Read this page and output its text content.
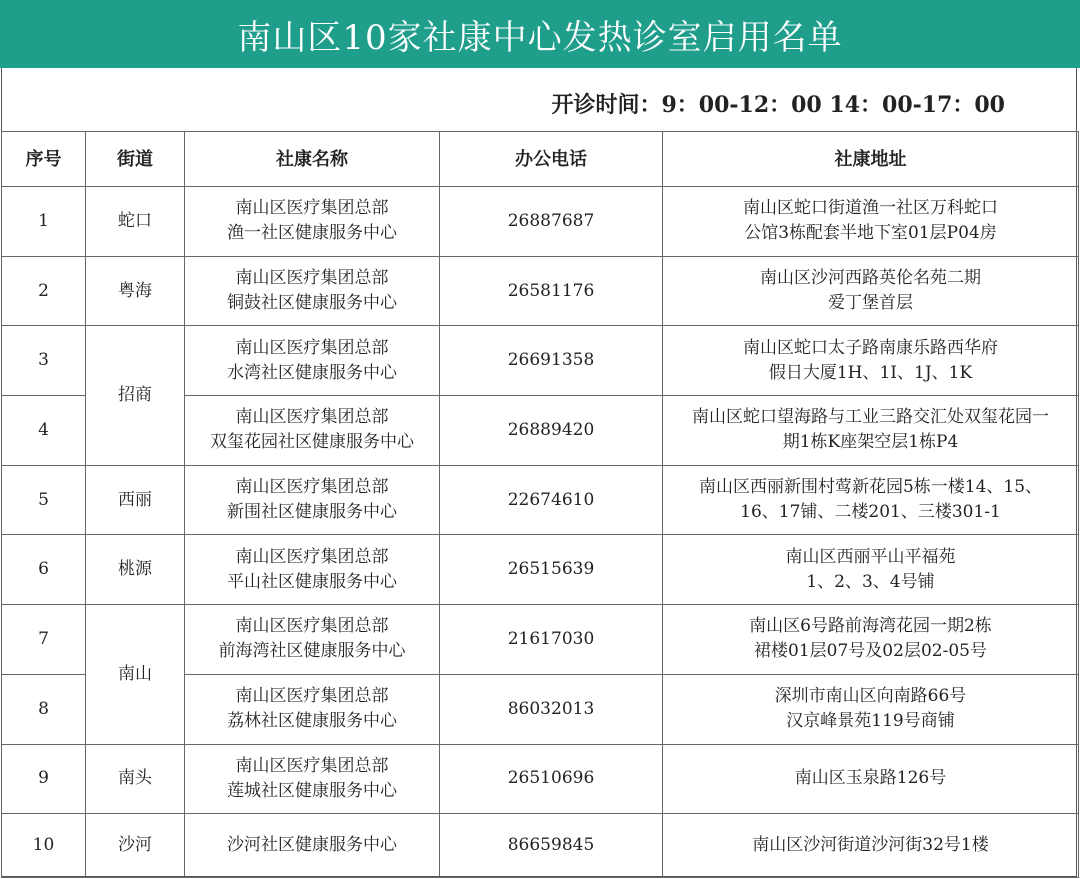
南山区10家社康中心发热诊室启用名单
开诊时间：9：00-12：00 14：00-17：00
序号	街道	社康名称	办公电话	社康地址
1	蛇口	南山区医疗集团总部
渔一社区健康服务中心	26887687	南山区蛇口街道渔一社区万科蛇口
公馆3栋配套半地下室01层P04房

2	粤海	南山区医疗集团总部
铜鼓社区健康服务中心	26581176	南山区沙河西路英伦名苑二期
爱丁堡首层

3	招商	南山区医疗集团总部
水湾社区健康服务中心	26691358	南山区蛇口太子路南康乐路西华府
假日大厦1H、1I、1J、1K

4		南山区医疗集团总部
双玺花园社区健康服务中心	26889420	南山区蛇口望海路与工业三路交汇处双玺花园一
期1栋K座架空层1栋P4

5	西丽	南山区医疗集团总部
新围社区健康服务中心	22674610	南山区西丽新围村莺新花园5栋一楼14、15、
16、17铺、二楼201、三楼301-1

6	桃源	南山区医疗集团总部
平山社区健康服务中心	26515639	南山区西丽平山平福苑
1、2、3、4号铺

7	南山	南山区医疗集团总部
前海湾社区健康服务中心	21617030	南山区6号路前海湾花园一期2栋
裙楼01层07号及02层02-05号

8		南山区医疗集团总部
荔林社区健康服务中心	86032013	深圳市南山区向南路66号
汉京峰景苑119号商铺

9	南头	南山区医疗集团总部
莲城社区健康服务中心	26510696	南山区玉泉路126号

10	沙河	沙河社区健康服务中心	86659845	南山区沙河街道沙河街32号1楼
